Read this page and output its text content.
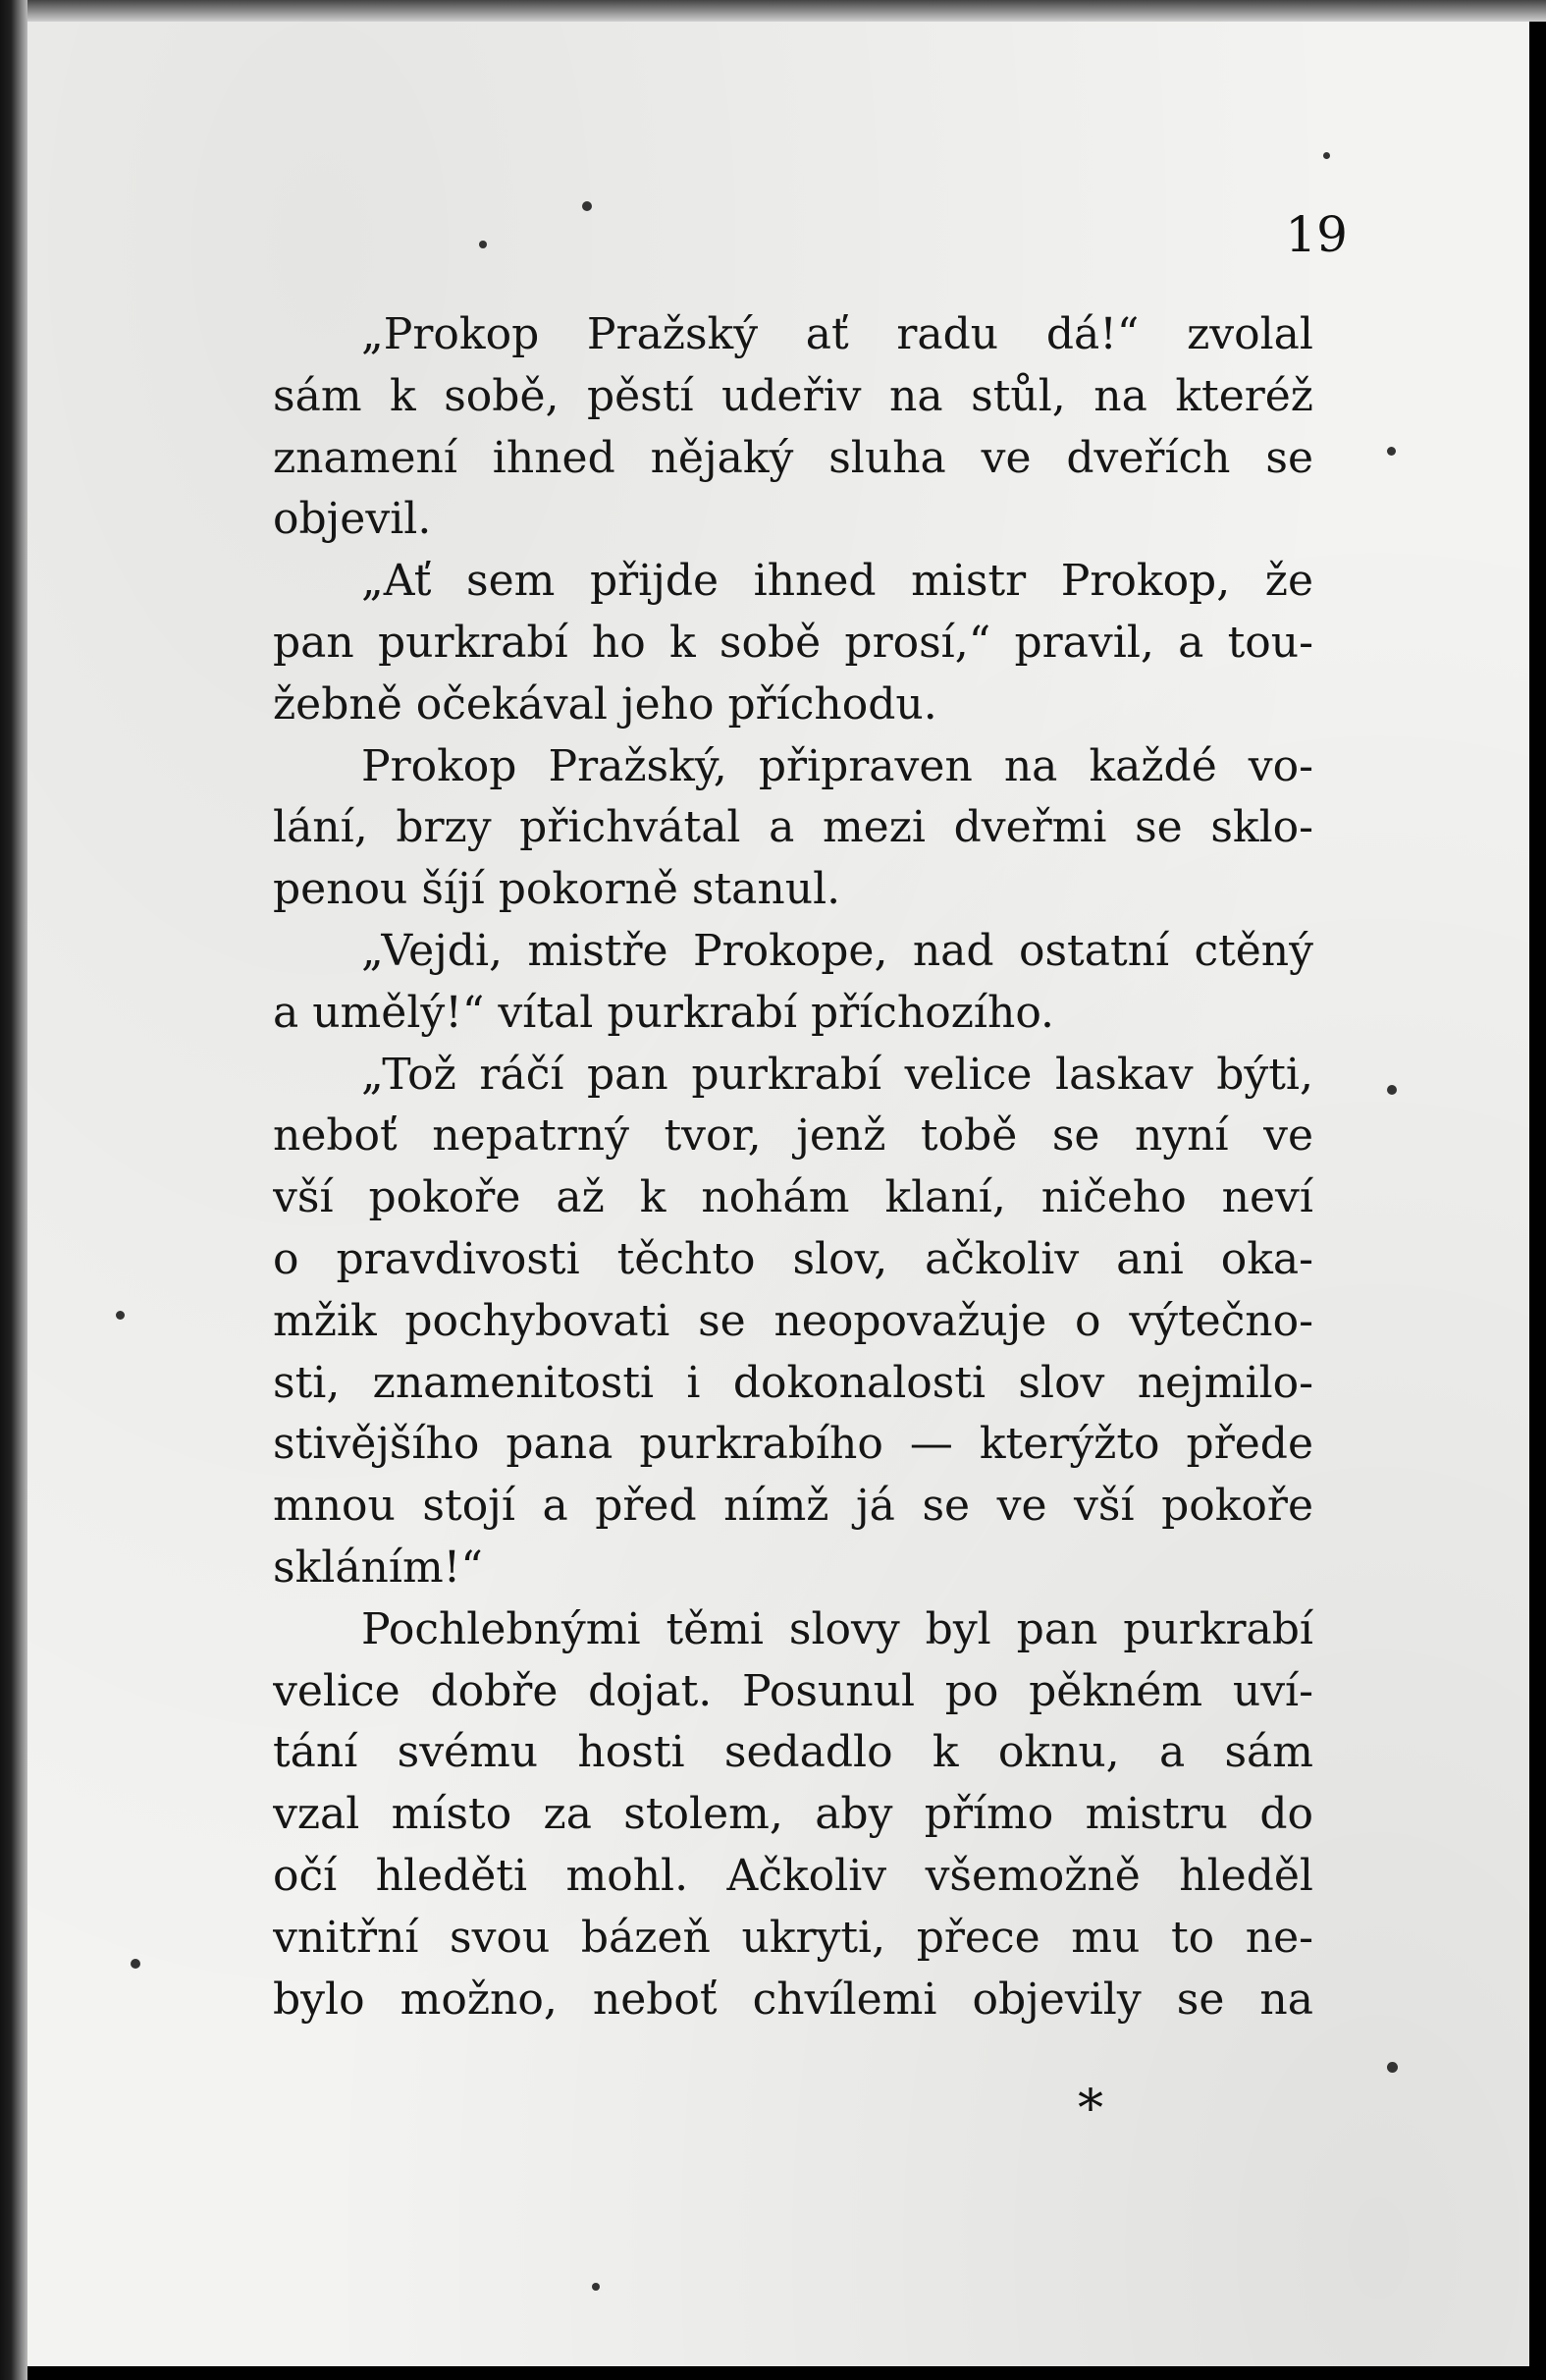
19
„Prokop Pražský ať radu dá!“ zvolal
sám k sobě, pěstí udeřiv na stůl, na kteréž
znamení ihned nějaký sluha ve dveřích se
objevil.
„Ať sem přijde ihned mistr Prokop, že
pan purkrabí ho k sobě prosí,“ pravil, a tou-
žebně očekával jeho příchodu.
Prokop Pražský, připraven na každé vo-
lání, brzy přichvátal a mezi dveřmi se sklo-
penou šíjí pokorně stanul.
„Vejdi, mistře Prokope, nad ostatní ctěný
a umělý!“ vítal purkrabí příchozího.
„Tož ráčí pan purkrabí velice laskav býti,
neboť nepatrný tvor, jenž tobě se nyní ve
vší pokoře až k nohám klaní, ničeho neví
o pravdivosti těchto slov, ačkoliv ani oka-
mžik pochybovati se neopovažuje o výtečno-
sti, znamenitosti i dokonalosti slov nejmilo-
stivějšího pana purkrabího — kterýžto přede
mnou stojí a před nímž já se ve vší pokoře
skláním!“
Pochlebnými těmi slovy byl pan purkrabí
velice dobře dojat. Posunul po pěkném uví-
tání svému hosti sedadlo k oknu, a sám
vzal místo za stolem, aby přímo mistru do
očí hleděti mohl. Ačkoliv všemožně hleděl
vnitřní svou bázeň ukryti, přece mu to ne-
bylo možno, neboť chvílemi objevily se na
*
